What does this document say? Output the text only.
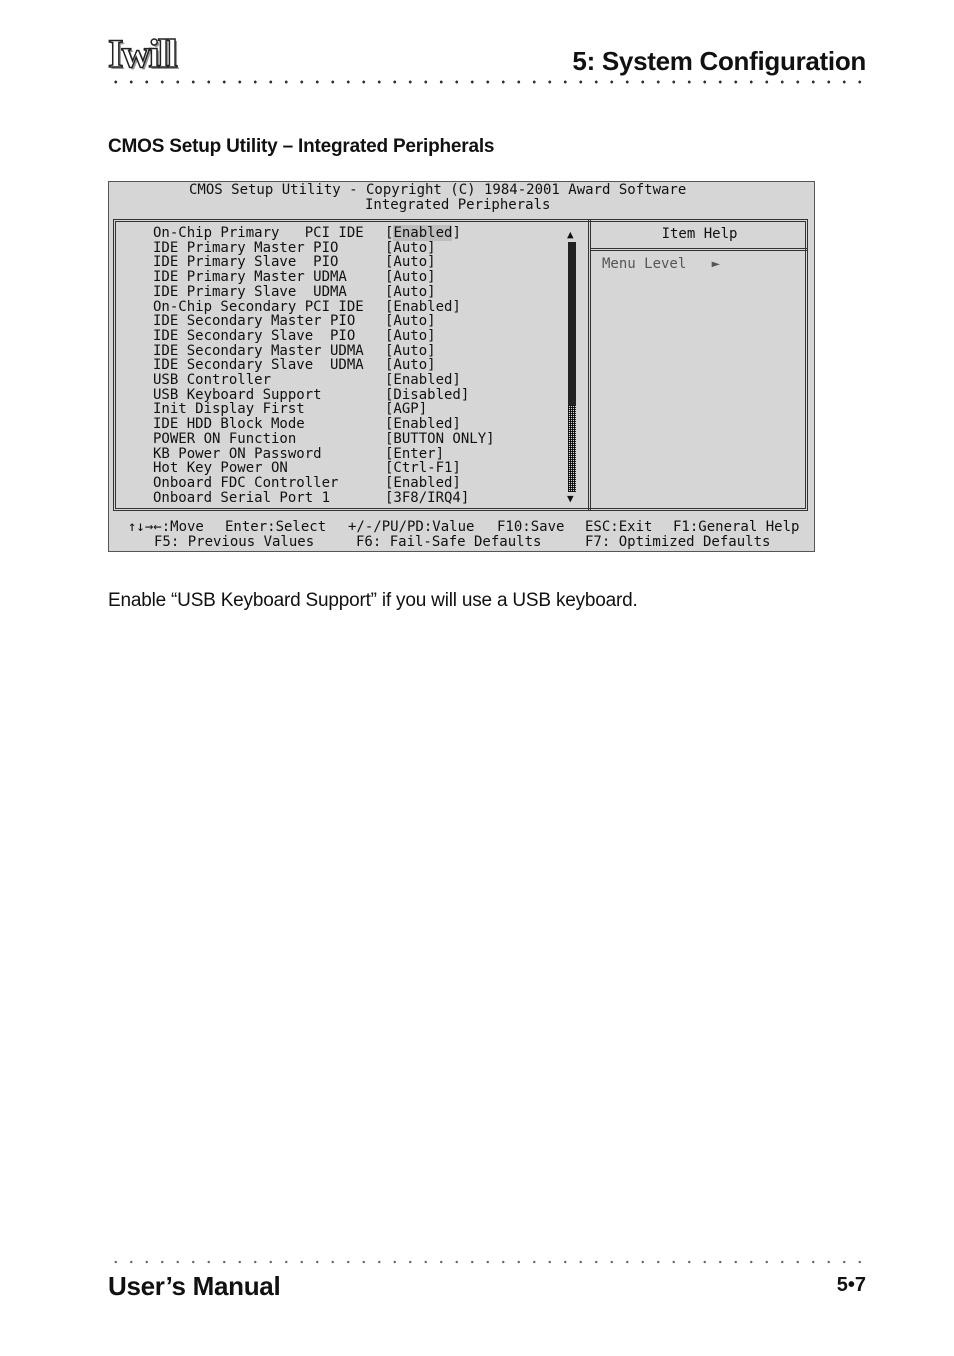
Iwill	5: System Configuration
CMOS Setup Utility – Integrated Peripherals

CMOS Setup Utility - Copyright (C) 1984-2001 Award Software

Integrated Peripherals

Item Help
Menu Level   ►
On-Chip Primary   PCI IDE [Enabled]
IDE Primary Master PIO	[Auto]
IDE Primary Slave  PIO	[Auto]
IDE Primary Master UDMA	[Auto]
IDE Primary Slave  UDMA	[Auto]
On-Chip Secondary PCI IDE [Enabled]
IDE Secondary Master PIO [Auto]
IDE Secondary Slave  PIO [Auto]
IDE Secondary Master UDMA [Auto]
IDE Secondary Slave  UDMA [Auto]
USB Controller	[Enabled]
USB Keyboard Support	[Disabled]
Init Display First	[AGP]
IDE HDD Block Mode	[Enabled]
POWER ON Function	[BUTTON ONLY]
KB Power ON Password	[Enter]
Hot Key Power ON	[Ctrl-F1]
Onboard FDC Controller	[Enabled]
Onboard Serial Port 1	[3F8/IRQ4]
▲
▼
↑↓→←:Move Enter:Select +/-/PU/PD:Value F10:Save ESC:Exit F1:General Help
F5: Previous Values	F6: Fail-Safe Defaults	F7: Optimized Defaults
Enable “USB Keyboard Support” if you will use a USB keyboard.
User’s Manual	5•7
